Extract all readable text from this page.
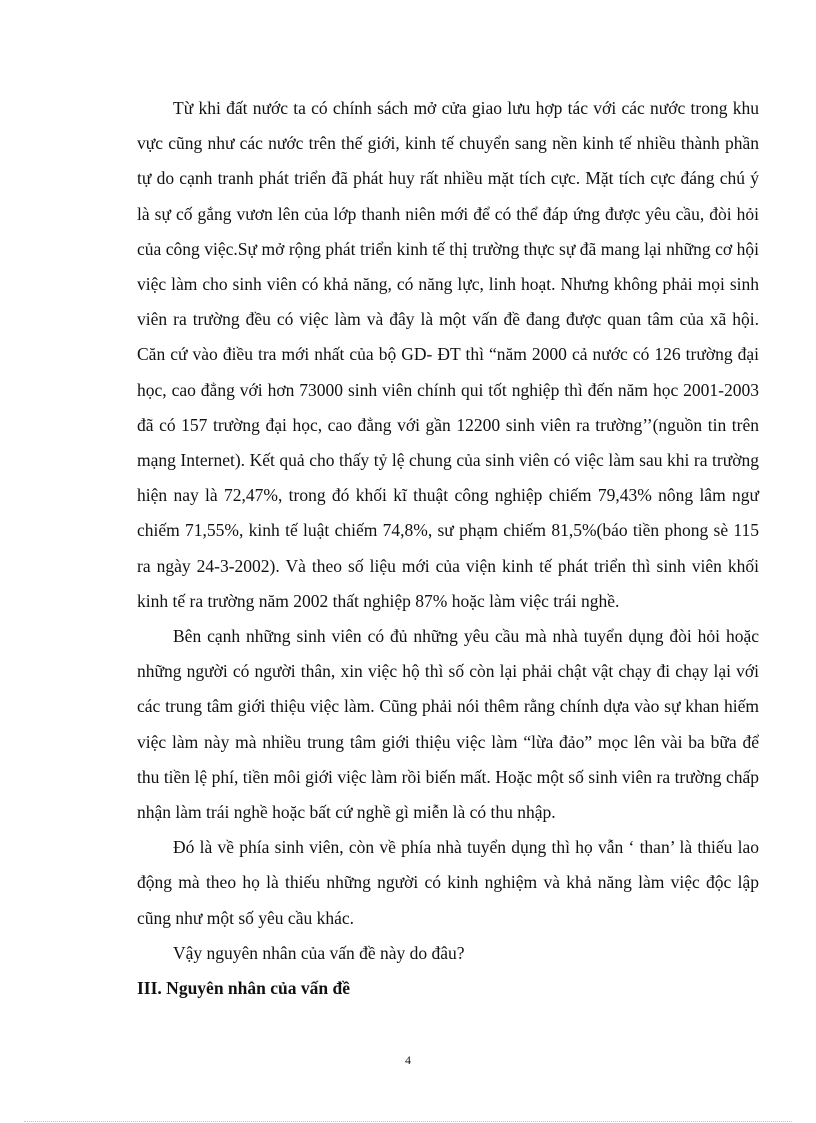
Từ khi đất nước ta có chính sách mở cửa giao lưu hợp tác với các nước trong khu vực cũng như các nước trên thế giới, kinh tế chuyển sang nền kinh tế nhiều thành phần tự do cạnh tranh phát triển đã phát huy rất nhiều mặt tích cực. Mặt tích cực đáng chú ý là sự cố gắng vươn lên của lớp thanh niên mới để có thể đáp ứng được yêu cầu, đòi hỏi của công việc.Sự mở rộng phát triển kinh tế thị trường thực sự đã mang lại những cơ hội việc làm cho sinh viên có khả năng, có năng lực, linh hoạt. Nhưng không phải mọi sinh viên ra trường đều có việc làm và đây là một vấn đề đang được quan tâm của xã hội. Căn cứ vào điều tra mới nhất của bộ GD- ĐT thì “năm 2000 cả nước có 126 trường đại học, cao đẳng với hơn 73000 sinh viên chính qui tốt nghiệp thì đến năm học 2001-2003 đã có 157 trường đại học, cao đẳng với gần 12200 sinh viên ra trường’’(nguồn tin trên mạng Internet). Kết quả cho thấy tỷ lệ chung của sinh viên có việc làm sau khi ra trường hiện nay là 72,47%, trong đó khối kĩ thuật công nghiệp chiếm 79,43% nông lâm ngư chiếm 71,55%, kinh tế luật chiếm 74,8%, sư phạm chiếm 81,5%(báo tiền phong sè 115 ra ngày 24-3-2002). Và theo số liệu mới của viện kinh tế phát triển thì sinh viên khối kinh tế ra trường năm 2002 thất nghiệp 87% hoặc làm việc trái nghề.

Bên cạnh những sinh viên có đủ những yêu cầu mà nhà tuyển dụng đòi hỏi hoặc những người có người thân, xin việc hộ thì số còn lại phải chật vật chạy đi chạy lại với các trung tâm giới thiệu việc làm. Cũng phải nói thêm rằng chính dựa vào sự khan hiếm việc làm này mà nhiều trung tâm giới thiệu việc làm “lừa đảo” mọc lên vài ba bữa để thu tiền lệ phí, tiền môi giới việc làm rồi biến mất. Hoặc một số sinh viên ra trường chấp nhận làm trái nghề hoặc bất cứ nghề gì miễn là có thu nhập.

Đó là về phía sinh viên, còn về phía nhà tuyển dụng thì họ vẫn ‘ than’ là thiếu lao động mà theo họ là thiếu những người có kinh nghiệm và khả năng làm việc độc lập cũng như một số yêu cầu khác.

Vậy nguyên nhân của vấn đề này do đâu?

III. Nguyên nhân của vấn đề
4
